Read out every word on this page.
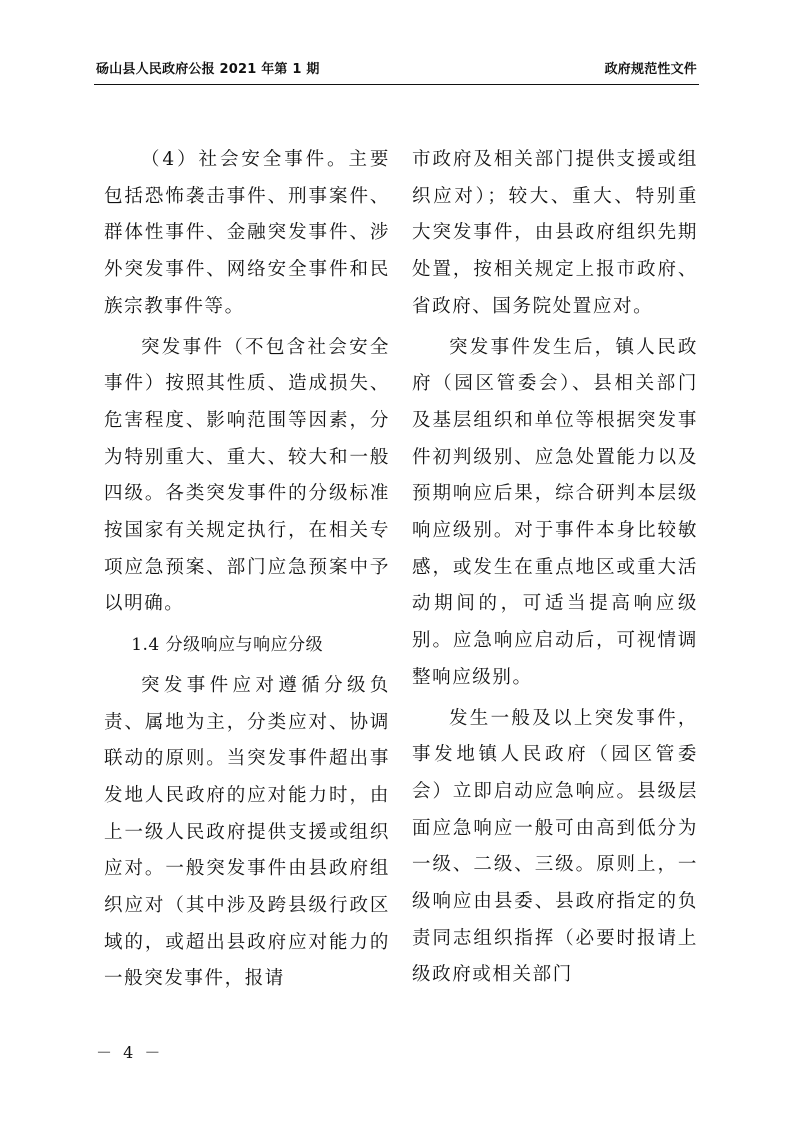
砀山县人民政府公报 2021 年第 1 期	政府规范性文件

（4）社会安全事件。主要包括恐怖袭击事件、刑事案件、群体性事件、金融突发事件、涉外突发事件、网络安全事件和民族宗教事件等。

突发事件（不包含社会安全事件）按照其性质、造成损失、危害程度、影响范围等因素，分为特别重大、重大、较大和一般四级。各类突发事件的分级标准按国家有关规定执行，在相关专项应急预案、部门应急预案中予以明确。

1.4 分级响应与响应分级

突发事件应对遵循分级负责、属地为主，分类应对、协调联动的原则。当突发事件超出事发地人民政府的应对能力时，由上一级人民政府提供支援或组织应对。一般突发事件由县政府组织应对（其中涉及跨县级行政区域的，或超出县政府应对能力的一般突发事件，报请

市政府及相关部门提供支援或组织应对）；较大、重大、特别重大突发事件，由县政府组织先期处置，按相关规定上报市政府、省政府、国务院处置应对。

突发事件发生后，镇人民政府（园区管委会）、县相关部门及基层组织和单位等根据突发事件初判级别、应急处置能力以及预期响应后果，综合研判本层级响应级别。对于事件本身比较敏感，或发生在重点地区或重大活动期间的，可适当提高响应级别。应急响应启动后，可视情调整响应级别。

发生一般及以上突发事件，事发地镇人民政府（园区管委会）立即启动应急响应。县级层面应急响应一般可由高到低分为一级、二级、三级。原则上，一级响应由县委、县政府指定的负责同志组织指挥（必要时报请上级政府或相关部门

－ 4 －
